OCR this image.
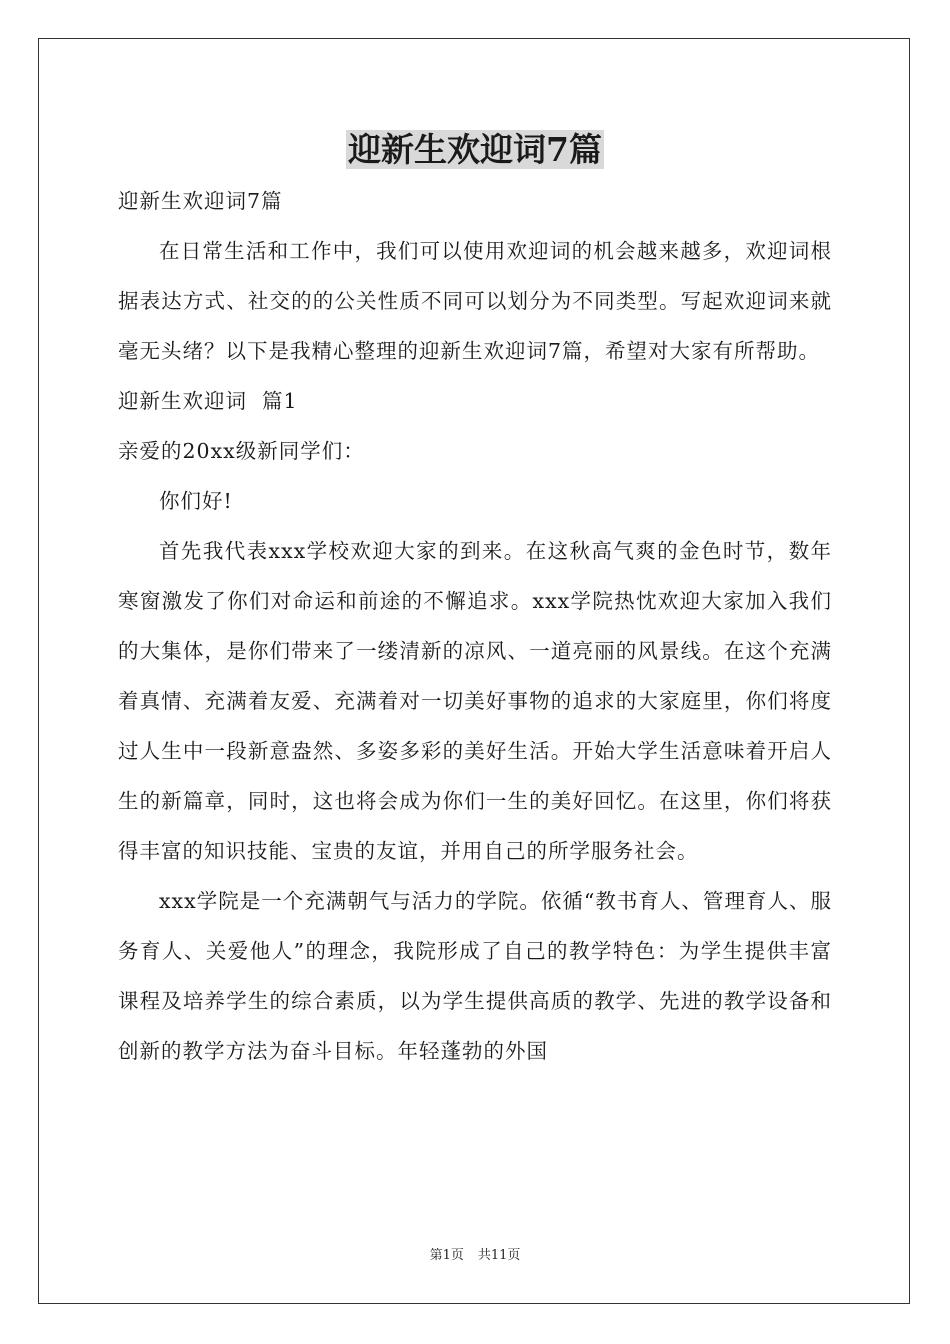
迎新生欢迎词7篇

迎新生欢迎词7篇

在日常生活和工作中，我们可以使用欢迎词的机会越来越多，欢迎词根据表达方式、社交的的公关性质不同可以划分为不同类型。写起欢迎词来就毫无头绪？以下是我精心整理的迎新生欢迎词7篇，希望对大家有所帮助。

迎新生欢迎词  篇1

亲爱的20xx级新同学们：

你们好!

首先我代表xxx学校欢迎大家的到来。在这秋高气爽的金色时节，数年寒窗激发了你们对命运和前途的不懈追求。xxx学院热忱欢迎大家加入我们的大集体，是你们带来了一缕清新的凉风、一道亮丽的风景线。在这个充满着真情、充满着友爱、充满着对一切美好事物的追求的大家庭里，你们将度过人生中一段新意盎然、多姿多彩的美好生活。开始大学生活意味着开启人生的新篇章，同时，这也将会成为你们一生的美好回忆。在这里，你们将获得丰富的知识技能、宝贵的友谊，并用自己的所学服务社会。

xxx学院是一个充满朝气与活力的学院。依循“教书育人、管理育人、服务育人、关爱他人”的理念，我院形成了自己的教学特色：为学生提供丰富课程及培养学生的综合素质，以为学生提供高质的教学、先进的教学设备和创新的教学方法为奋斗目标。年轻蓬勃的外国

第1页 共11页
